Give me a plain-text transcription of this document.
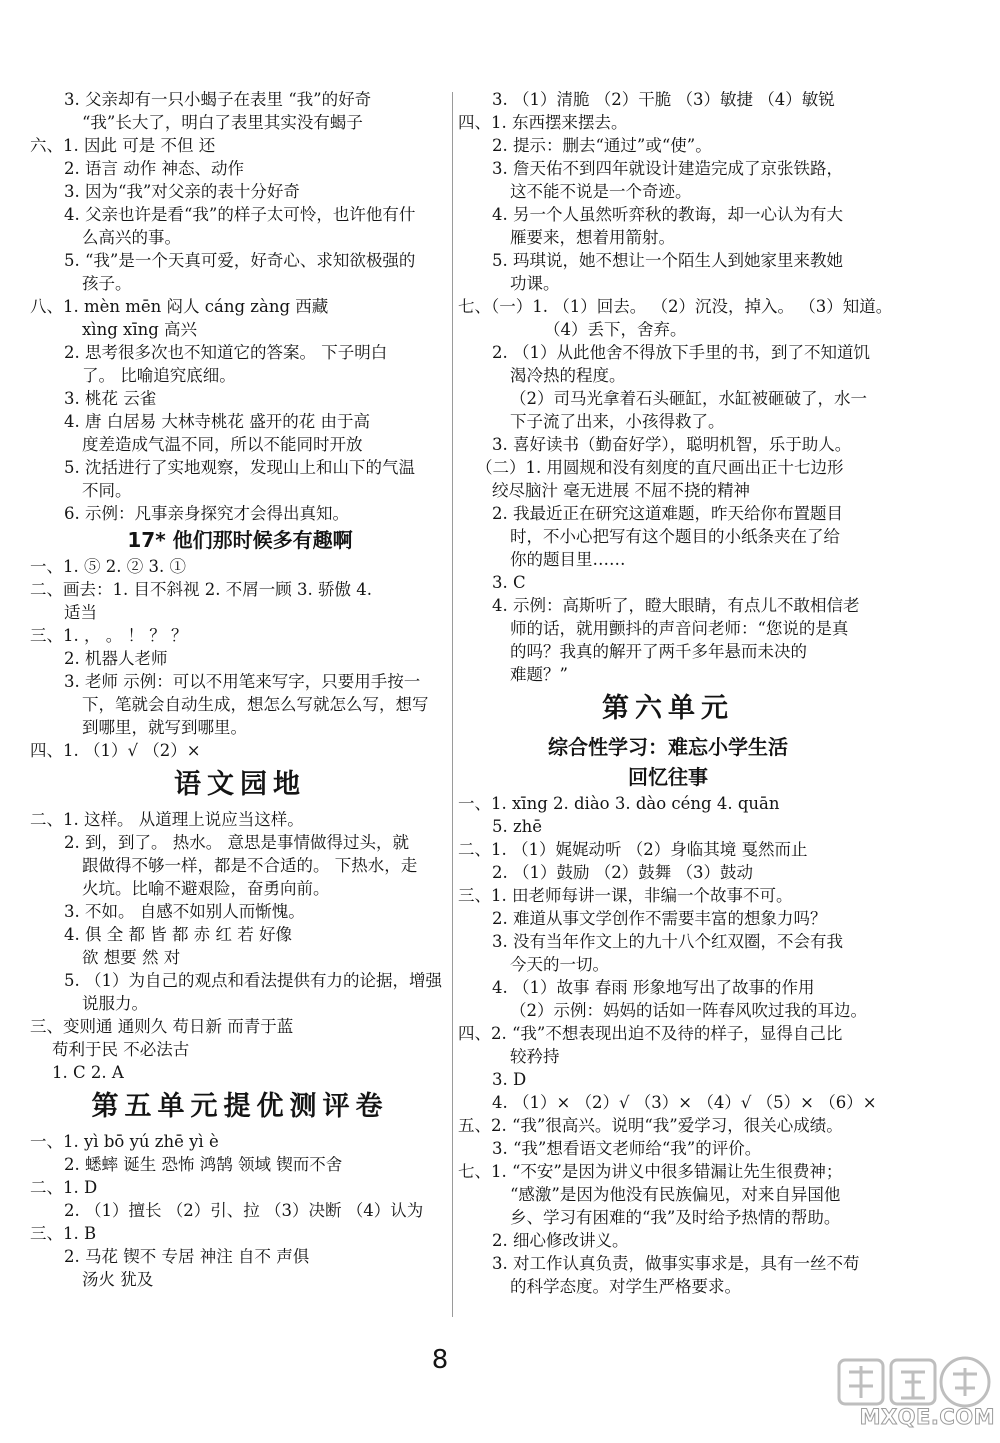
3. 父亲却有一只小蝎子在表里 “我”的好奇
“我”长大了，明白了表里其实没有蝎子
六、1. 因此 可是 不但 还
2. 语言 动作 神态、动作
3. 因为“我”对父亲的表十分好奇
4. 父亲也许是看“我”的样子太可怜，也许他有什
么高兴的事。
5. “我”是一个天真可爱，好奇心、求知欲极强的
孩子。
八、1. mèn mēn 闷人 cáng zàng 西藏
xìng xīng 高兴
2. 思考很多次也不知道它的答案。 下子明白
了。 比喻追究底细。
3. 桃花 云雀
4. 唐 白居易 大林寺桃花 盛开的花 由于高
度差造成气温不同，所以不能同时开放
5. 沈括进行了实地观察，发现山上和山下的气温
不同。
6. 示例：凡事亲身探究才会得出真知。
17* 他们那时候多有趣啊
一、1. ⑤ 2. ② 3. ①
二、画去：1. 目不斜视 2. 不屑一顾 3. 骄傲 4.
适当
三、1. ， 。 ！ ？ ？
2. 机器人老师
3. 老师 示例：可以不用笔来写字，只要用手按一
下，笔就会自动生成，想怎么写就怎么写，想写
到哪里，就写到哪里。
四、1. （1）√ （2）×
语文园地
二、1. 这样。 从道理上说应当这样。
2. 到，到了。 热水。 意思是事情做得过头，就
跟做得不够一样，都是不合适的。 下热水，走
火坑。比喻不避艰险，奋勇向前。
3. 不如。 自感不如别人而惭愧。
4. 俱 全 都 皆 都 赤 红 若 好像
欲 想要 然 对
5. （1）为自己的观点和看法提供有力的论据，增强
说服力。
三、变则通 通则久 苟日新 而青于蓝
苟利于民 不必法古
1. C 2. A
第五单元提优测评卷
一、1. yì bō yú zhē yì è
2. 蟋蟀 诞生 恐怖 鸿鹄 领域 锲而不舍
二、1. D
2. （1）擅长 （2）引、拉 （3）决断 （4）认为
三、1. B
2. 马花 锲不 专居 神注 自不 声俱
汤火 犹及
3. （1）清脆 （2）干脆 （3）敏捷 （4）敏锐
四、1. 东西摆来摆去。
2. 提示：删去“通过”或“使”。
3. 詹天佑不到四年就设计建造完成了京张铁路，
这不能不说是一个奇迹。
4. 另一个人虽然听弈秋的教诲，却一心认为有大
雁要来，想着用箭射。
5. 玛琪说，她不想让一个陌生人到她家里来教她
功课。
七、（一）1. （1）回去。 （2）沉没，掉入。 （3）知道。
（4）丢下，舍弃。
2. （1）从此他舍不得放下手里的书，到了不知道饥
渴冷热的程度。
（2）司马光拿着石头砸缸，水缸被砸破了，水一
下子流了出来，小孩得救了。
3. 喜好读书（勤奋好学），聪明机智，乐于助人。
（二）1. 用圆规和没有刻度的直尺画出正十七边形
绞尽脑汁 毫无进展 不屈不挠的精神
2. 我最近正在研究这道难题，昨天给你布置题目
时，不小心把写有这个题目的小纸条夹在了给
你的题目里……
3. C
4. 示例：高斯听了，瞪大眼睛，有点儿不敢相信老
师的话，就用颤抖的声音问老师：“您说的是真
的吗？我真的解开了两千多年悬而未决的
难题？”
第六单元
综合性学习：难忘小学生活
回忆往事
一、1. xīng 2. diào 3. dào céng 4. quān
5. zhē
二、1. （1）娓娓动听 （2）身临其境 戛然而止
2. （1）鼓励 （2）鼓舞 （3）鼓动
三、1. 田老师每讲一课，非编一个故事不可。
2. 难道从事文学创作不需要丰富的想象力吗？
3. 没有当年作文上的九十八个红双圈，不会有我
今天的一切。
4. （1）故事 春雨 形象地写出了故事的作用
（2）示例：妈妈的话如一阵春风吹过我的耳边。
四、2. “我”不想表现出迫不及待的样子，显得自己比
较矜持
3. D
4. （1）× （2）√ （3）× （4）√ （5）× （6）×
五、2. “我”很高兴。说明“我”爱学习，很关心成绩。
3. “我”想看语文老师给“我”的评价。
七、1. “不安”是因为讲义中很多错漏让先生很费神；
“感激”是因为他没有民族偏见，对来自异国他
乡、学习有困难的“我”及时给予热情的帮助。
2. 细心修改讲义。
3. 对工作认真负责，做事实事求是，具有一丝不苟
的科学态度。对学生严格要求。
8
MXQE.COM
